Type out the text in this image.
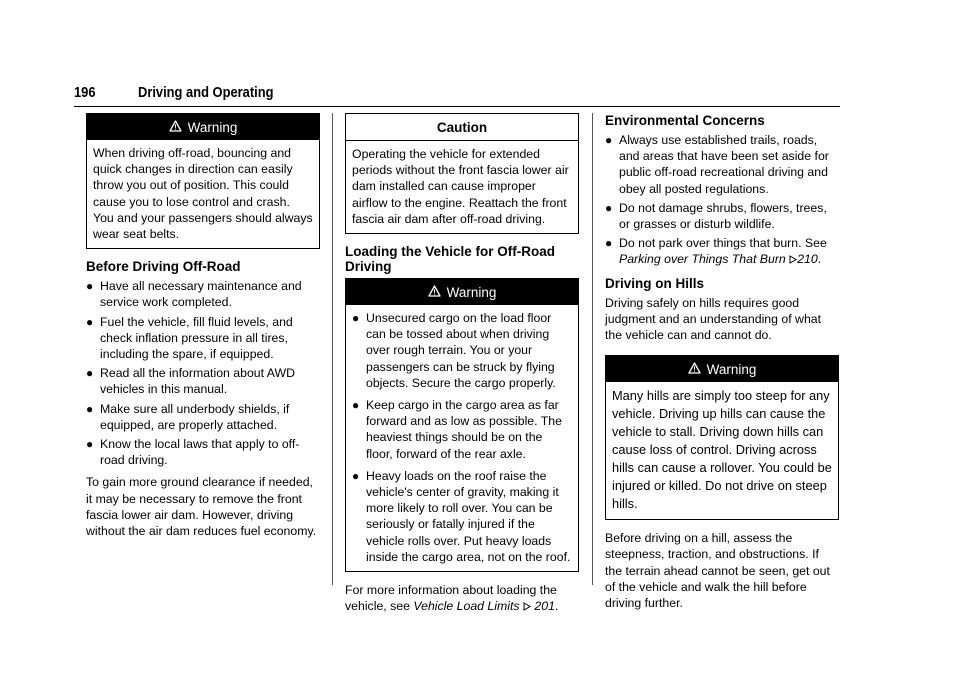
196	Driving and Operating
Warning
When driving off-road, bouncing and quick changes in direction can easily throw you out of position. This could cause you to lose control and crash. You and your passengers should always wear seat belts.
Before Driving Off-Road
● Have all necessary maintenance and service work completed.
● Fuel the vehicle, fill fluid levels, and check inflation pressure in all tires, including the spare, if equipped.
● Read all the information about AWD vehicles in this manual.
● Make sure all underbody shields, if equipped, are properly attached.
● Know the local laws that apply to off-road driving.

To gain more ground clearance if needed, it may be necessary to remove the front fascia lower air dam. However, driving without the air dam reduces fuel economy.

Caution
Operating the vehicle for extended periods without the front fascia lower air dam installed can cause improper airflow to the engine. Reattach the front fascia air dam after off-road driving.
Loading the Vehicle for Off-Road Driving
Warning
● Unsecured cargo on the load floor can be tossed about when driving over rough terrain. You or your passengers can be struck by flying objects. Secure the cargo properly.
● Keep cargo in the cargo area as far forward and as low as possible. The heaviest things should be on the floor, forward of the rear axle.
● Heavy loads on the roof raise the vehicle's center of gravity, making it more likely to roll over. You can be seriously or fatally injured if the vehicle rolls over. Put heavy loads inside the cargo area, not on the roof.

For more information about loading the vehicle, see Vehicle Load Limits 201.

Environmental Concerns
● Always use established trails, roads, and areas that have been set aside for public off-road recreational driving and obey all posted regulations.
● Do not damage shrubs, flowers, trees, or grasses or disturb wildlife.
● Do not park over things that burn. See Parking over Things That Burn 210.
Driving on Hills

Driving safely on hills requires good judgment and an understanding of what the vehicle can and cannot do.

Warning
Many hills are simply too steep for any vehicle. Driving up hills can cause the vehicle to stall. Driving down hills can cause loss of control. Driving across hills can cause a rollover. You could be injured or killed. Do not drive on steep hills.

Before driving on a hill, assess the steepness, traction, and obstructions. If the terrain ahead cannot be seen, get out of the vehicle and walk the hill before driving further.
